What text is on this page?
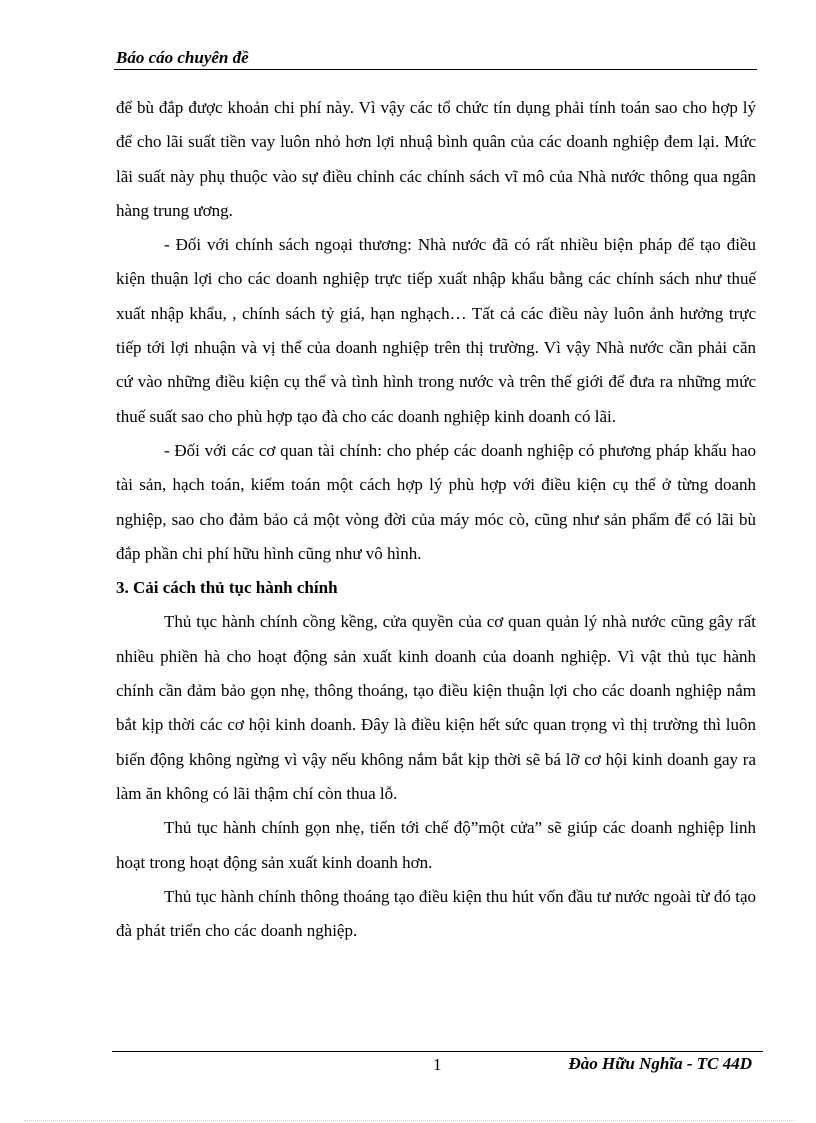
Báo cáo chuyên đề

để bù đắp được khoản chi phí này. Vì vậy các tổ chức tín dụng phải tính toán sao cho hợp lý để cho lãi suất tiền vay luôn nhỏ hơn lợi nhuậ bình quân của các doanh nghiệp đem lại. Mức lãi suất này phụ thuộc vào sự điều chỉnh các chính sách vĩ mô của Nhà nước thông qua ngân hàng trung ương.

- Đối với chính sách ngoại thương: Nhà nước đã có rất nhiều biện pháp để tạo điều kiện thuận lợi cho các doanh nghiệp trực tiếp xuất nhập khẩu bằng các chính sách như thuế xuất nhập khẩu, , chính sách tỷ giá, hạn nghạch… Tất cả các điều này luôn ảnh hưởng trực tiếp tới lợi nhuận và vị thế của doanh nghiệp trên thị trường. Vì vậy Nhà nước cần phải căn cứ vào những điều kiện cụ thể và tình hình trong nước và trên thế giới để đưa ra những mức thuế suất sao cho phù hợp tạo đà cho các doanh nghiệp kinh doanh có lãi.

- Đối với các cơ quan tài chính: cho phép các doanh nghiệp có phương pháp khấu hao tài sản, hạch toán, kiểm toán một cách hợp lý phù hợp với điều kiện cụ thể ở từng doanh nghiệp, sao cho đảm bảo cả một vòng đời của máy móc cò, cũng như sản phẩm để có lãi bù đắp phần chi phí hữu hình cũng như vô hình.

3. Cải cách thủ tục hành chính

Thủ tục hành chính cồng kềng, cửa quyền của cơ quan quản lý nhà nước cũng gây rất nhiều phiền hà cho hoạt động sản xuất kinh doanh của doanh nghiệp. Vì vật thủ tục hành chính cần đảm bảo gọn nhẹ, thông thoáng, tạo điều kiện thuận lợi cho các doanh nghiệp nắm bắt kịp thời các cơ hội kinh doanh. Đây là điều kiện hết sức quan trọng vì thị trường thì luôn biến động không ngừng vì vậy nếu không nắm bắt kịp thời sẽ bá lỡ cơ hội kinh doanh gay ra làm ăn không có lãi thậm chí còn thua lỗ.

Thủ tục hành chính gọn nhẹ, tiến tới chế độ”một cửa” sẽ giúp các doanh nghiệp linh hoạt trong hoạt động sản xuất kinh doanh hơn.

Thủ tục hành chính thông thoáng tạo điều kiện thu hút vốn đầu tư nước ngoài từ đó tạo đà phát triển cho các doanh nghiệp.

1	Đào Hữu Nghĩa - TC 44D
